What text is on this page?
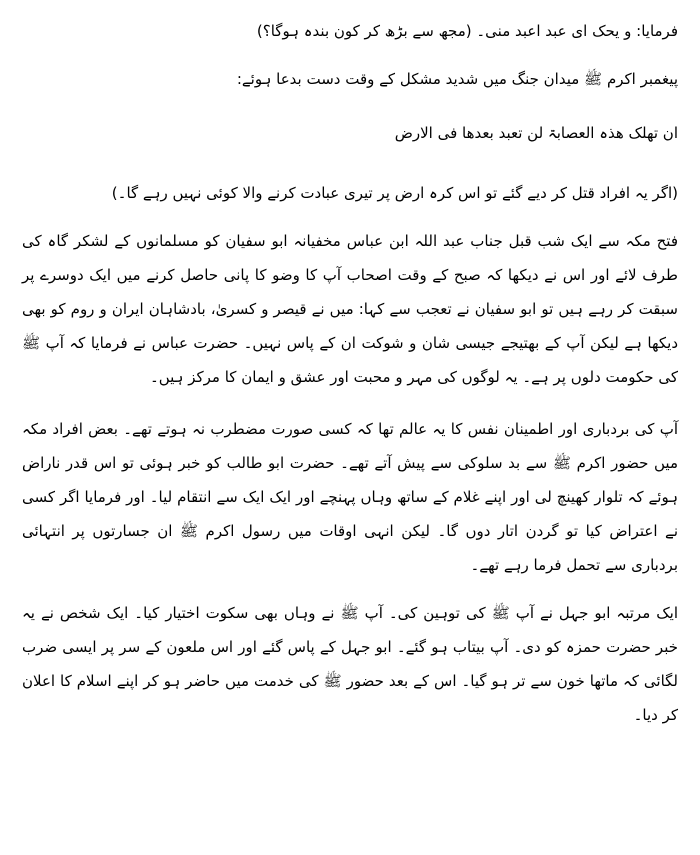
فرمایا: و یحک ای عبد اعبد منی۔ (مجھ سے بڑھ کر کون بندہ ہوگا؟)

پیغمبر اکرم ﷺ میدان جنگ میں شدید مشکل کے وقت دست بدعا ہوئے:

ان تھلک ھذہ العصابۃ لن تعبد بعدھا فی الارض

(اگر یہ افراد قتل کر دیے گئے تو اس کرہ ارض پر تیری عبادت کرنے والا کوئی نہیں رہے گا۔)

فتح مکہ سے ایک شب قبل جناب عبد اللہ ابن عباس مخفیانہ ابو سفیان کو مسلمانوں کے لشکر گاہ کی طرف لائے اور اس نے دیکھا کہ صبح کے وقت اصحاب آپ کا وضو کا پانی حاصل کرنے میں ایک دوسرے پر سبقت کر رہے ہیں تو ابو سفیان نے تعجب سے کہا: میں نے قیصر و کسریٰ، بادشاہان ایران و روم کو بھی دیکھا ہے لیکن آپ کے بھتیجے جیسی شان و شوکت ان کے پاس نہیں۔ حضرت عباس نے فرمایا کہ آپ ﷺ کی حکومت دلوں پر ہے۔ یہ لوگوں کی مہر و محبت اور عشق و ایمان کا مرکز ہیں۔

آپ کی بردباری اور اطمینان نفس کا یہ عالم تھا کہ کسی صورت مضطرب نہ ہوتے تھے۔ بعض افراد مکہ میں حضور اکرم ﷺ سے بد سلوکی سے پیش آتے تھے۔ حضرت ابو طالب کو خبر ہوئی تو اس قدر ناراض ہوئے کہ تلوار کھینچ لی اور اپنے غلام کے ساتھ وہاں پہنچے اور ایک ایک سے انتقام لیا۔ اور فرمایا اگر کسی نے اعتراض کیا تو گردن اتار دوں گا۔ لیکن انہی اوقات میں رسول اکرم ﷺ ان جسارتوں پر انتہائی بردباری سے تحمل فرما رہے تھے۔

ایک مرتبہ ابو جہل نے آپ ﷺ کی توہین کی۔ آپ ﷺ نے وہاں بھی سکوت اختیار کیا۔ ایک شخص نے یہ خبر حضرت حمزہ کو دی۔ آپ بیتاب ہو گئے۔ ابو جہل کے پاس گئے اور اس ملعون کے سر پر ایسی ضرب لگائی کہ ماتھا خون سے تر ہو گیا۔ اس کے بعد حضور ﷺ کی خدمت میں حاضر ہو کر اپنے اسلام کا اعلان کر دیا۔
